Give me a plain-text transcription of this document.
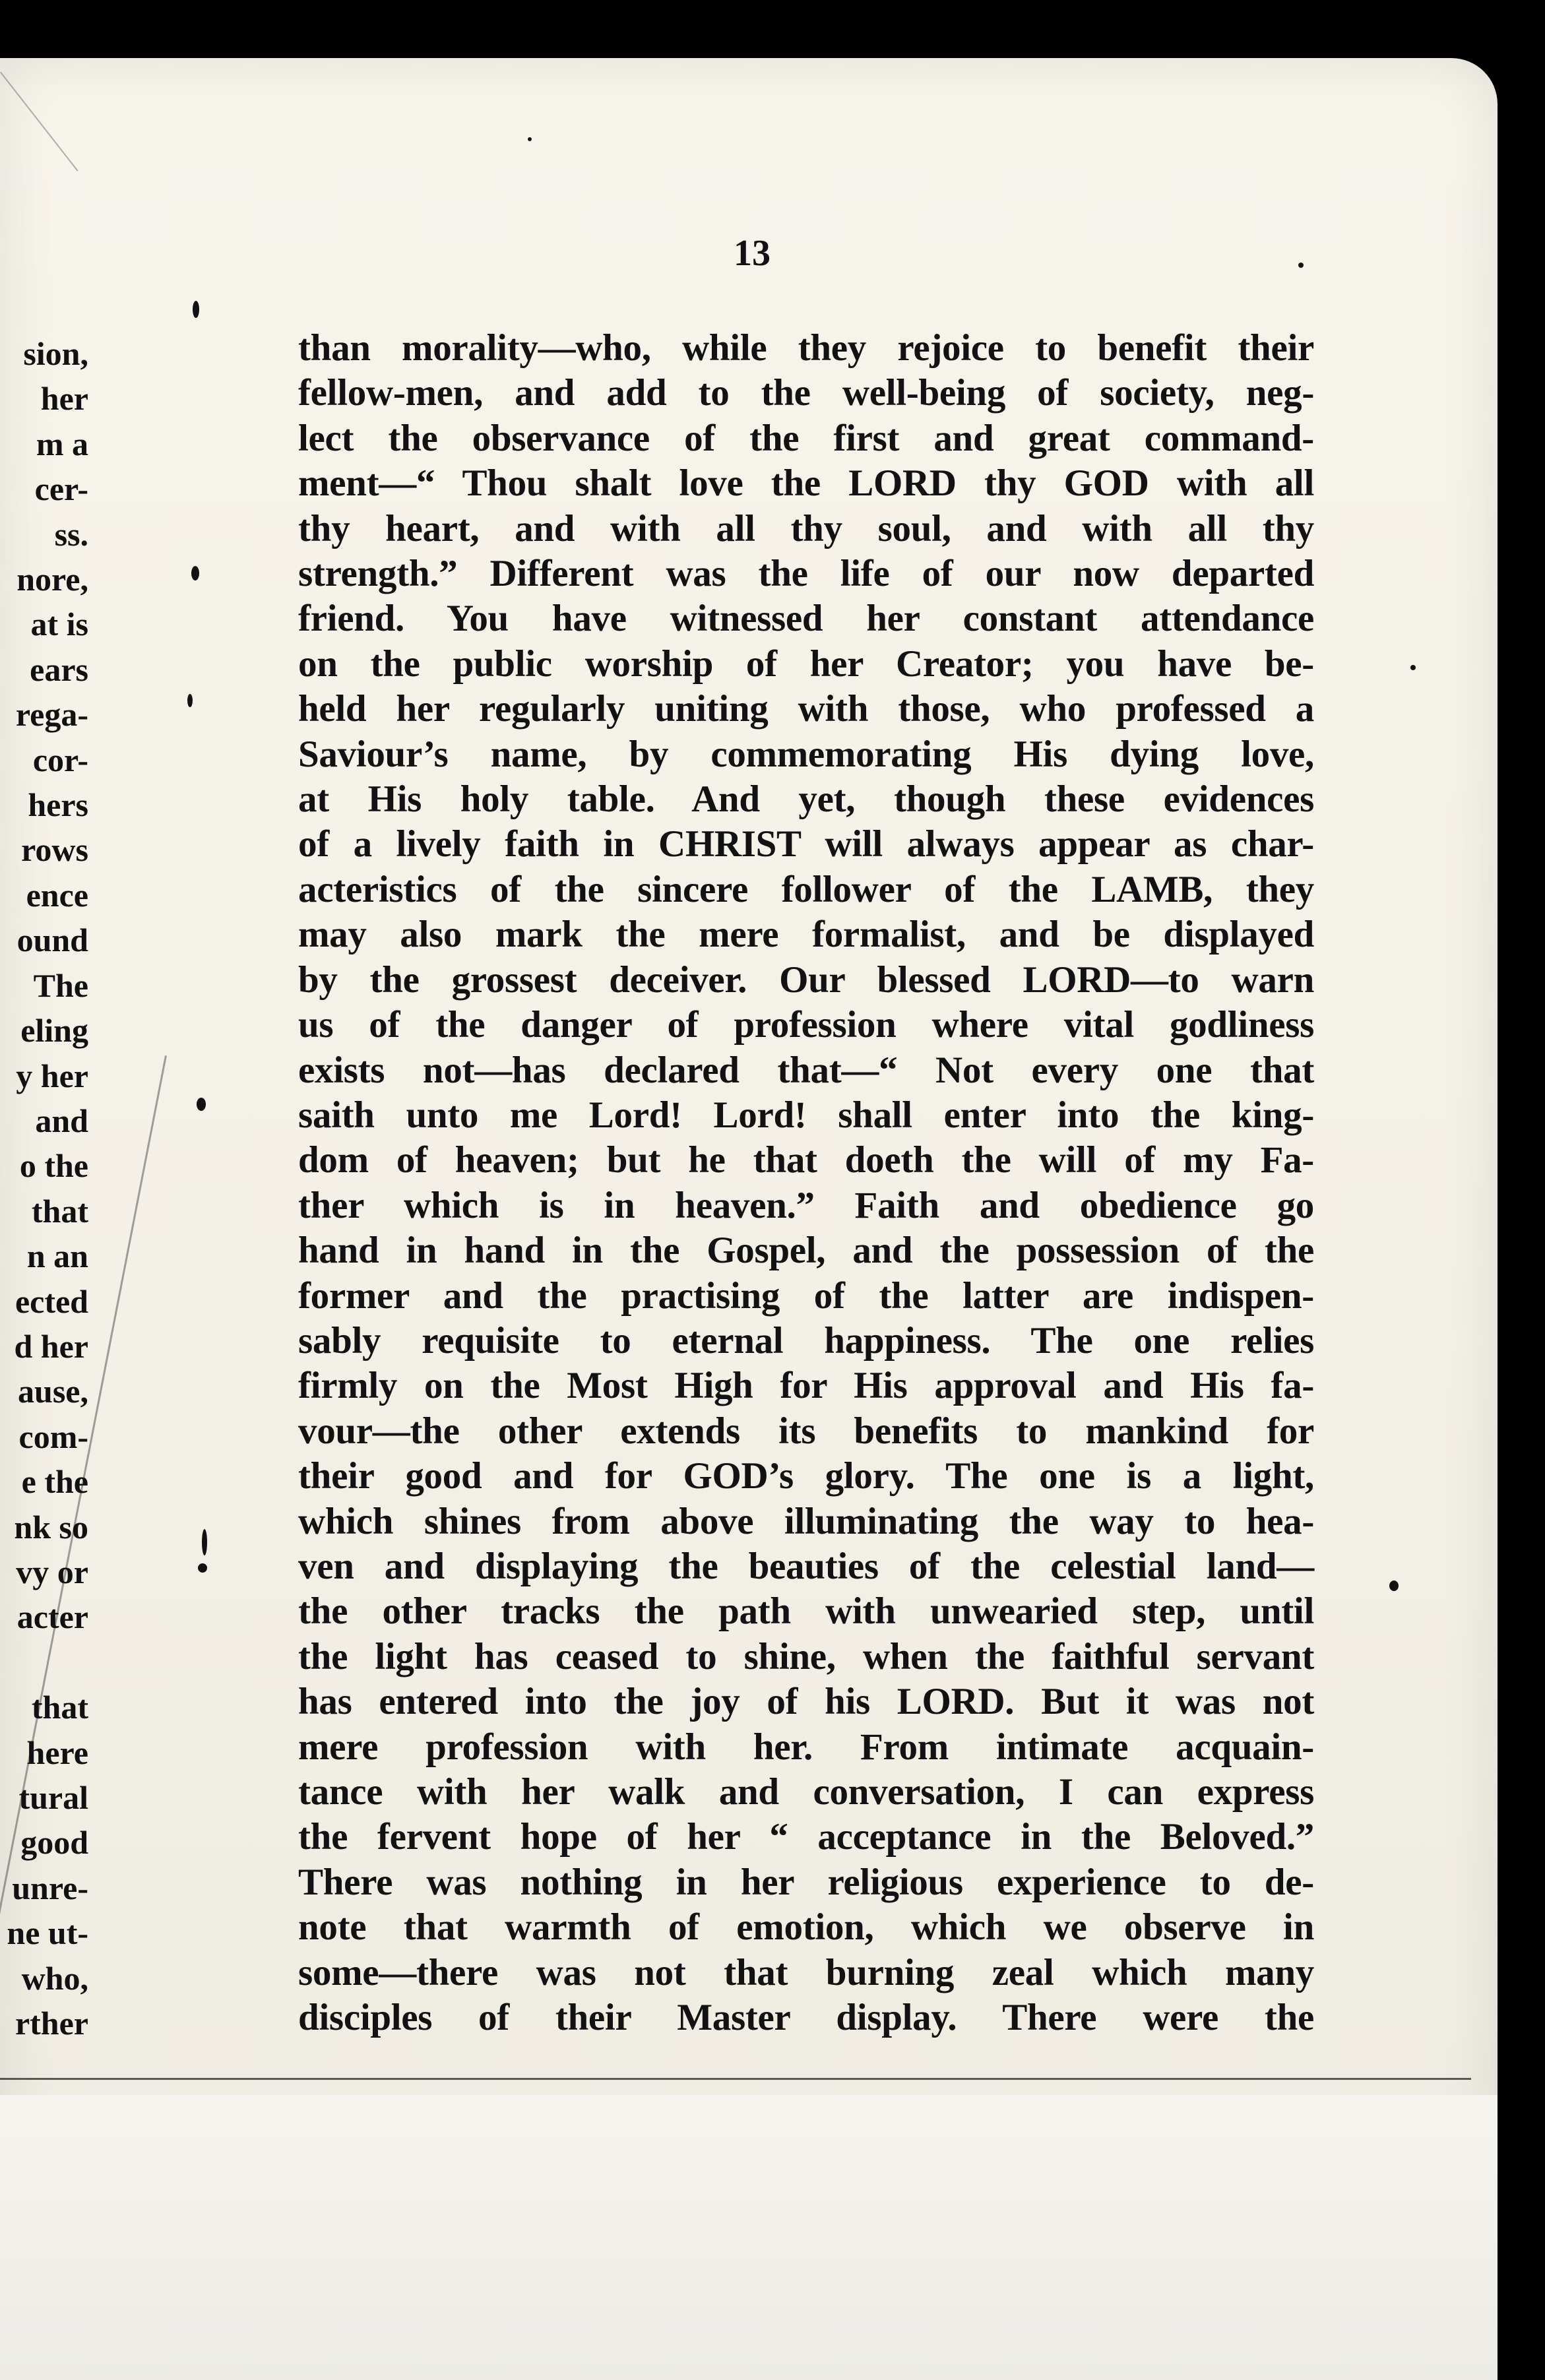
13
sion,
her
m a
cer-
ss.
nore,
at is
ears
rega-
cor-
hers
rows
ence
ound
The
eling
y her
and
o the
that
n an
ected
d her
ause,
com-
e the
nk so
vy or
acter
that
here
tural
good
unre-
ne ut-
who,
rther
than morality—who, while they rejoice to benefit their
fellow-men, and add to the well-being of society, neg-
lect the observance of the first and great command-
ment—“ Thou shalt love the LORD thy GOD with all
thy heart, and with all thy soul, and with all thy
strength.” Different was the life of our now departed
friend. You have witnessed her constant attendance
on the public worship of her Creator; you have be-
held her regularly uniting with those, who professed a
Saviour’s name, by commemorating His dying love,
at His holy table. And yet, though these evidences
of a lively faith in CHRIST will always appear as char-
acteristics of the sincere follower of the LAMB, they
may also mark the mere formalist, and be displayed
by the grossest deceiver. Our blessed LORD—to warn
us of the danger of profession where vital godliness
exists not—has declared that—“ Not every one that
saith unto me Lord! Lord! shall enter into the king-
dom of heaven; but he that doeth the will of my Fa-
ther which is in heaven.” Faith and obedience go
hand in hand in the Gospel, and the possession of the
former and the practising of the latter are indispen-
sably requisite to eternal happiness. The one relies
firmly on the Most High for His approval and His fa-
vour—the other extends its benefits to mankind for
their good and for GOD’s glory. The one is a light,
which shines from above illuminating the way to hea-
ven and displaying the beauties of the celestial land—
the other tracks the path with unwearied step, until
the light has ceased to shine, when the faithful servant
has entered into the joy of his LORD. But it was not
mere profession with her. From intimate acquain-
tance with her walk and conversation, I can express
the fervent hope of her “ acceptance in the Beloved.”
There was nothing in her religious experience to de-
note that warmth of emotion, which we observe in
some—there was not that burning zeal which many
disciples of their Master display. There were the
